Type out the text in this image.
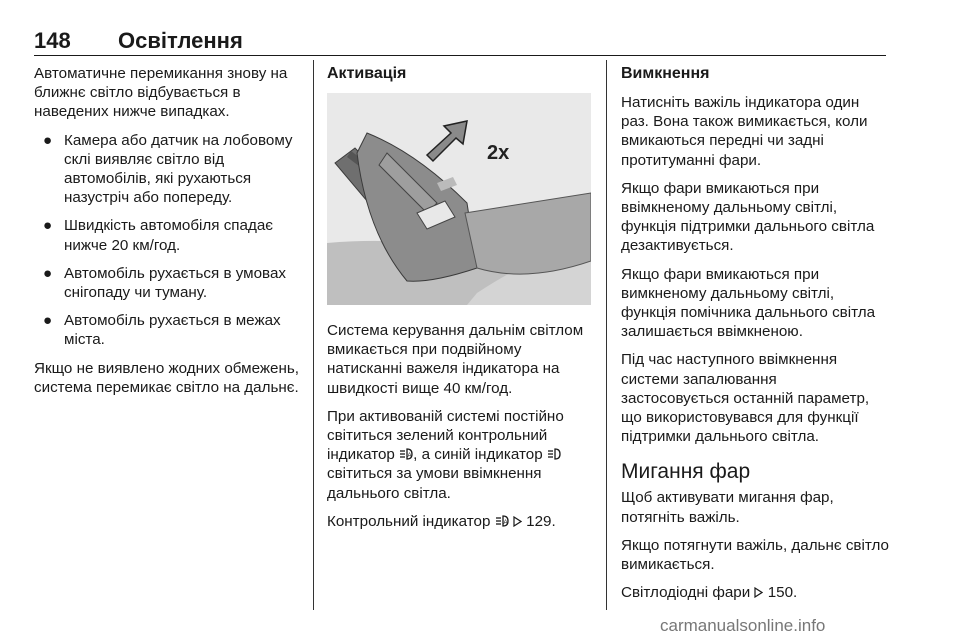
148 Освітлення

Автоматичне перемикання знову на ближнє світло відбувається в наведених нижче випадках.

● Камера або датчик на лобовому склі виявляє світло від автомобілів, які рухаються назустріч або попереду.
● Швидкість автомобіля спадає нижче 20 км/год.
● Автомобіль рухається в умовах снігопаду чи туману.
● Автомобіль рухається в межах міста.

Якщо не виявлено жодних обмежень, система перемикає світло на дальнє.

Активація
2x

Система керування дальнім світлом вмикається при подвійному натисканні важеля індикатора на швидкості вище 40 км/год.

При активованій системі постійно світиться зелений контрольний індикатор A , а синій індикатор  світиться за умови ввімкнення дальнього світла.

Контрольний індикатор A 129.

Вимкнення

Натисніть важіль індикатора один раз. Вона також вимикається, коли вмикаються передні чи задні протитуманні фари.

Якщо фари вмикаються при ввімкненому дальньому світлі, функція підтримки дальнього світла дезактивується.

Якщо фари вмикаються при вимкненому дальньому світлі, функція помічника дальнього світла залишається ввімкненою.

Під час наступного ввімкнення системи запалювання застосовується останній параметр, що використовувався для функції підтримки дальнього світла.

Мигання фар

Щоб активувати мигання фар, потягніть важіль.

Якщо потягнути важіль, дальнє світло вимикається.

Світлодіодні фари 150.

carmanualsonline.info
